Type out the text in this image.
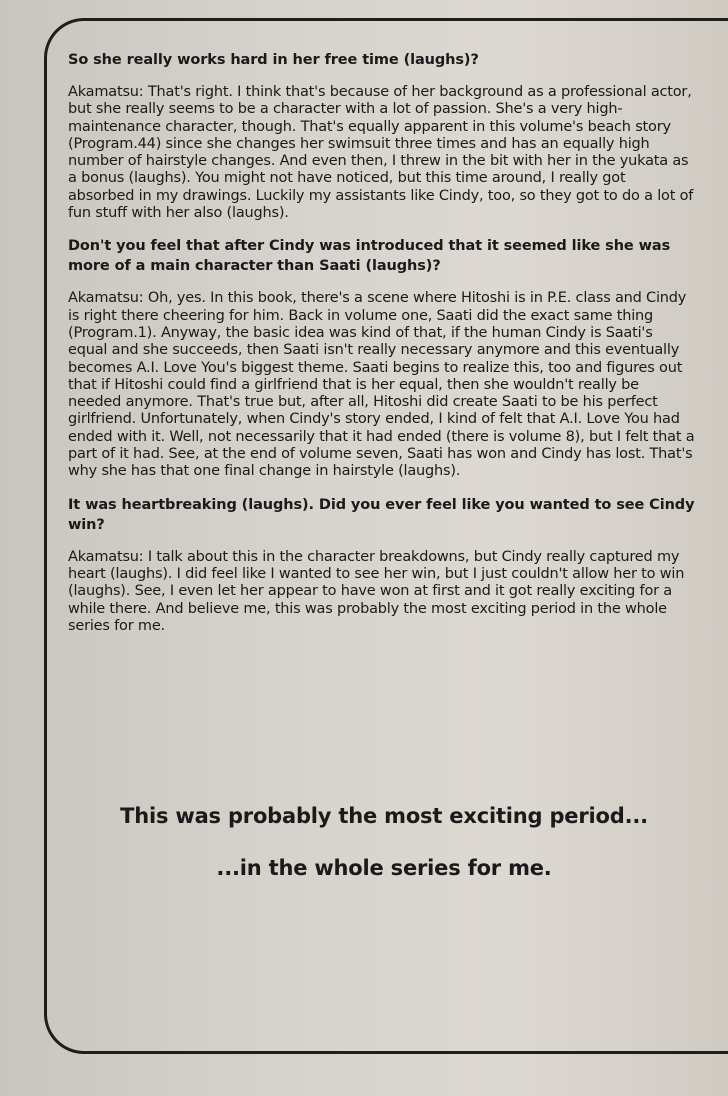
So she really works hard in her free time (laughs)?

Akamatsu: That's right. I think that's because of her background as a professional actor, but she really seems to be a character with a lot of passion. She's a very high-maintenance character, though. That's equally apparent in this volume's beach story (Program.44) since she changes her swimsuit three times and has an equally high number of hairstyle changes. And even then, I threw in the bit with her in the yukata as a bonus (laughs). You might not have noticed, but this time around, I really got absorbed in my drawings. Luckily my assistants like Cindy, too, so they got to do a lot of fun stuff with her also (laughs).

Don't you feel that after Cindy was introduced that it seemed like she was more of a main character than Saati (laughs)?

Akamatsu: Oh, yes. In this book, there's a scene where Hitoshi is in P.E. class and Cindy is right there cheering for him. Back in volume one, Saati did the exact same thing (Program.1). Anyway, the basic idea was kind of that, if the human Cindy is Saati's equal and she succeeds, then Saati isn't really necessary anymore and this eventually becomes A.I. Love You's biggest theme. Saati begins to realize this, too and figures out that if Hitoshi could find a girlfriend that is her equal, then she wouldn't really be needed anymore. That's true but, after all, Hitoshi did create Saati to be his perfect girlfriend. Unfortunately, when Cindy's story ended, I kind of felt that A.I. Love You had ended with it. Well, not necessarily that it had ended (there is volume 8), but I felt that a part of it had. See, at the end of volume seven, Saati has won and Cindy has lost. That's why she has that one final change in hairstyle (laughs).

It was heartbreaking (laughs). Did you ever feel like you wanted to see Cindy win?

Akamatsu: I talk about this in the character breakdowns, but Cindy really captured my heart (laughs). I did feel like I wanted to see her win, but I just couldn't allow her to win (laughs). See, I even let her appear to have won at first and it got really exciting for a while there. And believe me, this was probably the most exciting period in the whole series for me.

This was probably the most exciting period...
...in the whole series for me.
